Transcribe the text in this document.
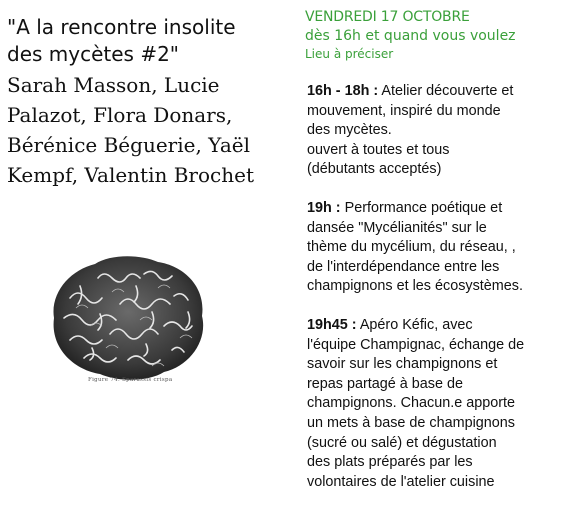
"A la rencontre insolite
des mycètes #2"
Sarah Masson, Lucie
Palazot, Flora Donars,
Bérénice Béguerie, Yaël
Kempf, Valentin Brochet
Figure 74. Sparassis crispa
VENDREDI 17 OCTOBRE
dès 16h et quand vous voulez
Lieu à préciser
16h - 18h : Atelier découverte et
mouvement, inspiré du monde
des mycètes.
ouvert à toutes et tous
(débutants acceptés)
19h : Performance poétique et
dansée "Mycélianités" sur le
thème du mycélium, du réseau, ,
de l'interdépendance entre les
champignons et les écosystèmes.
19h45 : Apéro Kéfic, avec
l'équipe Champignac, échange de
savoir sur les champignons et
repas partagé à base de
champignons. Chacun.e apporte
un mets à base de champignons
(sucré ou salé) et dégustation
des plats préparés par les
volontaires de l'atelier cuisine
